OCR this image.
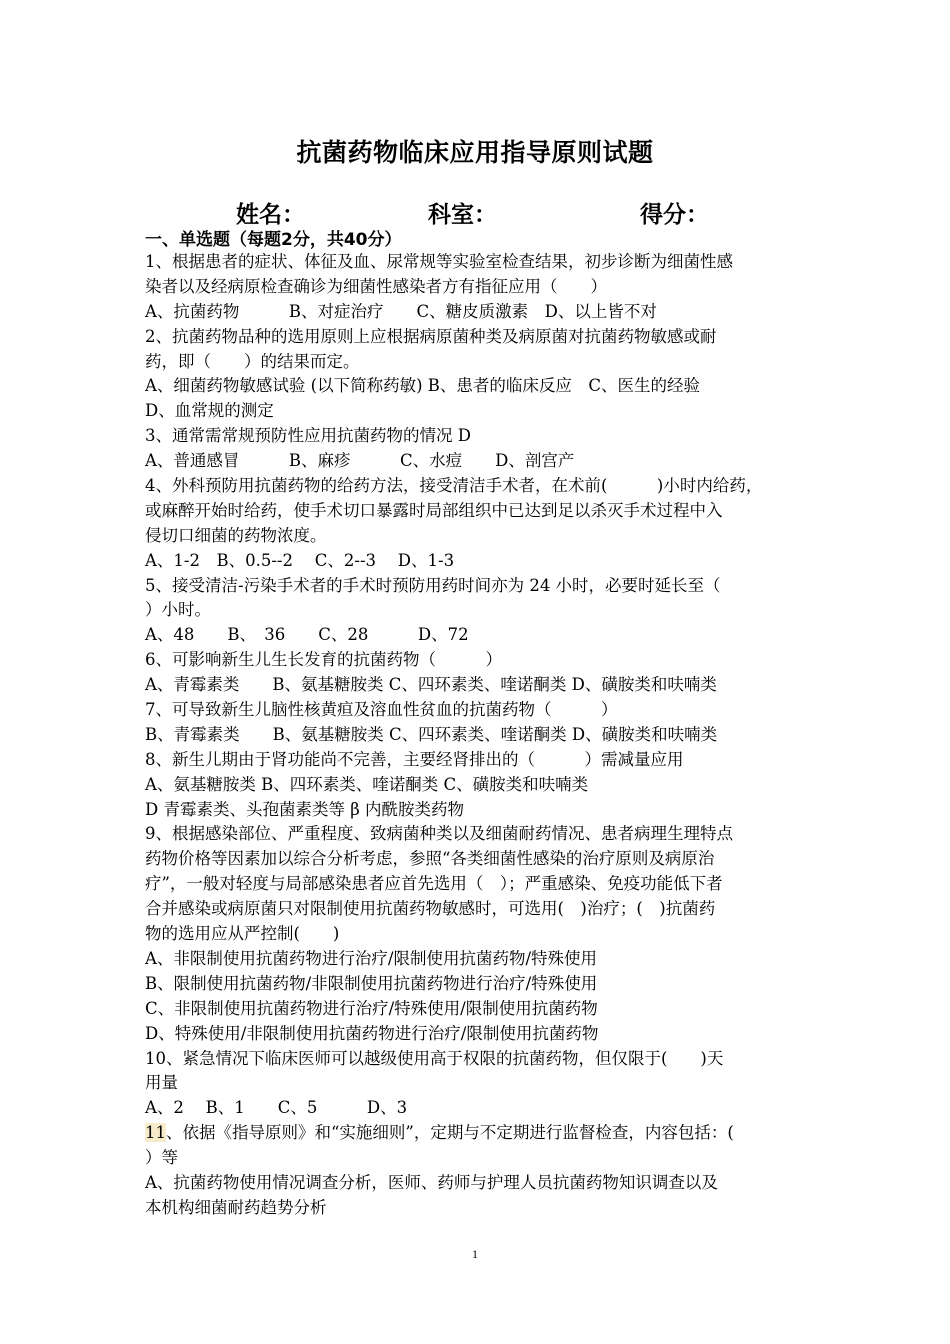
抗菌药物临床应用指导原则试题
姓名：	科室：	得分：
一、单选题（每题2分，共40分）
1、根据患者的症状、体征及血、尿常规等实验室检查结果，初步诊断为细菌性感
染者以及经病原检查确诊为细菌性感染者方有指征应用（　　）
A、抗菌药物　　　B、对症治疗　　C、糖皮质激素　D、以上皆不对
2、抗菌药物品种的选用原则上应根据病原菌种类及病原菌对抗菌药物敏感或耐
药，即（　　）的结果而定。
A、细菌药物敏感试验 (以下简称药敏) B、患者的临床反应　C、医生的经验
D、血常规的测定
3、通常需常规预防性应用抗菌药物的情况 D
A、普通感冒　　　B、麻疹　　　C、水痘　　D、剖宫产
4、外科预防用抗菌药物的给药方法，接受清洁手术者，在术前(　　　)小时内给药，
或麻醉开始时给药，使手术切口暴露时局部组织中已达到足以杀灭手术过程中入
侵切口细菌的药物浓度。
A、1-2　B、0.5--2　 C、2--3　 D、1-3
5、接受清洁-污染手术者的手术时预防用药时间亦为 24 小时，必要时延长至（
）小时。
A、48　　B、　36　　C、28　　　D、72
6、可影响新生儿生长发育的抗菌药物（　　　）
A、青霉素类　　B、氨基糖胺类 C、四环素类、喹诺酮类 D、磺胺类和呋喃类
7、可导致新生儿脑性核黄疸及溶血性贫血的抗菌药物（　　　）
B、青霉素类　　B、氨基糖胺类 C、四环素类、喹诺酮类 D、磺胺类和呋喃类
8、新生儿期由于肾功能尚不完善，主要经肾排出的（　　　）需减量应用
A、氨基糖胺类 B、四环素类、喹诺酮类 C、磺胺类和呋喃类
D 青霉素类、头孢菌素类等 β 内酰胺类药物
9、根据感染部位、严重程度、致病菌种类以及细菌耐药情况、患者病理生理特点
药物价格等因素加以综合分析考虑，参照“各类细菌性感染的治疗原则及病原治
疗”，一般对轻度与局部感染患者应首先选用（　）；严重感染、免疫功能低下者
合并感染或病原菌只对限制使用抗菌药物敏感时，可选用(　)治疗；(　)抗菌药
物的选用应从严控制(　　)
A、非限制使用抗菌药物进行治疗/限制使用抗菌药物/特殊使用
B、限制使用抗菌药物/非限制使用抗菌药物进行治疗/特殊使用
C、非限制使用抗菌药物进行治疗/特殊使用/限制使用抗菌药物
D、特殊使用/非限制使用抗菌药物进行治疗/限制使用抗菌药物
10、紧急情况下临床医师可以越级使用高于权限的抗菌药物，但仅限于(　　)天
用量
A、2　 B、1　　C、5　　　D、3
11、依据《指导原则》和“实施细则”，定期与不定期进行监督检查，内容包括：(
）等
A、抗菌药物使用情况调查分析，医师、药师与护理人员抗菌药物知识调查以及
本机构细菌耐药趋势分析
1
